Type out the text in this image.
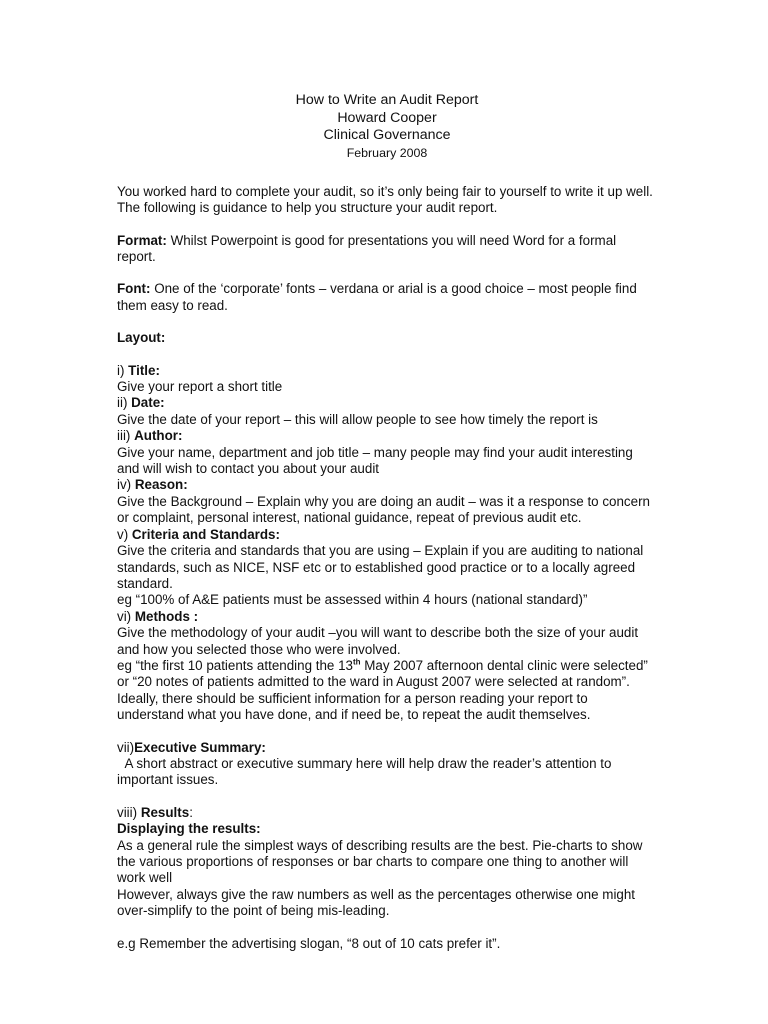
How to Write an Audit Report
Howard Cooper
Clinical Governance
February 2008

You worked hard to complete your audit, so it’s only being fair to yourself to write it up well. The following is guidance to help you structure your audit report.

Format: Whilst Powerpoint is good for presentations you will need Word for a formal report.

Font: One of the ‘corporate’ fonts – verdana or arial is a good choice – most people find them easy to read.

Layout:

i) Title:

Give your report a short title

ii) Date:

Give the date of your report – this will allow people to see how timely the report is

iii) Author:

Give your name, department and job title – many people may find your audit interesting and will wish to contact you about your audit

iv) Reason:

Give the Background – Explain why you are doing an audit – was it a response to concern or complaint, personal interest, national guidance, repeat of previous audit etc.

v) Criteria and Standards:

Give the criteria and standards that you are using – Explain if you are auditing to national standards, such as NICE, NSF etc or to established good practice or to a locally agreed standard.

eg “100% of A&E patients must be assessed within 4 hours (national standard)”

vi) Methods :

Give the methodology of your audit –you will want to describe both the size of your audit and how you selected those who were involved.

eg “the first 10 patients attending the 13th May 2007 afternoon dental clinic were selected” or “20 notes of patients admitted to the ward in August 2007 were selected at random”.

Ideally, there should be sufficient information for a person reading your report to understand what you have done, and if need be, to repeat the audit themselves.

vii)Executive Summary:

A short abstract or executive summary here will help draw the reader’s attention to important issues.

viii) Results:

Displaying the results:

As a general rule the simplest ways of describing results are the best. Pie-charts to show the various proportions of responses or bar charts to compare one thing to another will work well

However, always give the raw numbers as well as the percentages otherwise one might over-simplify to the point of being mis-leading.

e.g Remember the advertising slogan, “8 out of 10 cats prefer it”.
